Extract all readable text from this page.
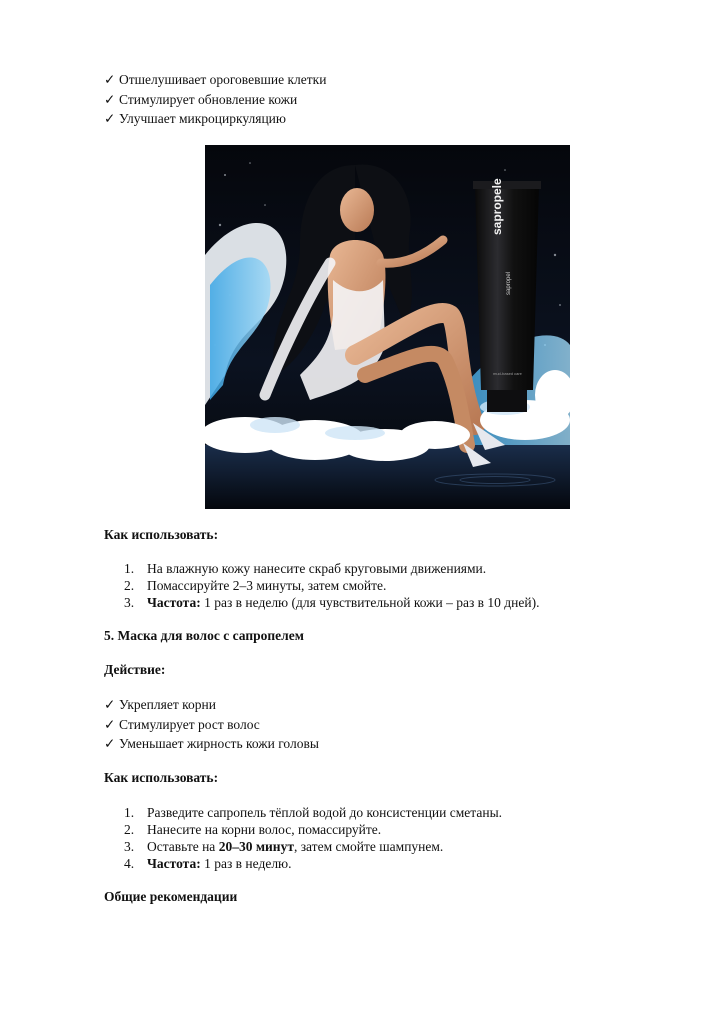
✓ Отшелушивает ороговевшие клетки
✓ Стимулирует обновление кожи
✓ Улучшает микроциркуляцию
sapropele
sapropel
mud-based care
Как использовать:
1. На влажную кожу нанесите скраб круговыми движениями.
2. Помассируйте 2–3 минуты, затем смойте.
3. Частота: 1 раз в неделю (для чувствительной кожи – раз в 10 дней).
5. Маска для волос с сапропелем
Действие:
✓ Укрепляет корни
✓ Стимулирует рост волос
✓ Уменьшает жирность кожи головы
Как использовать:
1. Разведите сапропель тёплой водой до консистенции сметаны.
2. Нанесите на корни волос, помассируйте.
3. Оставьте на 20–30 минут, затем смойте шампунем.
4. Частота: 1 раз в неделю.
Общие рекомендации
